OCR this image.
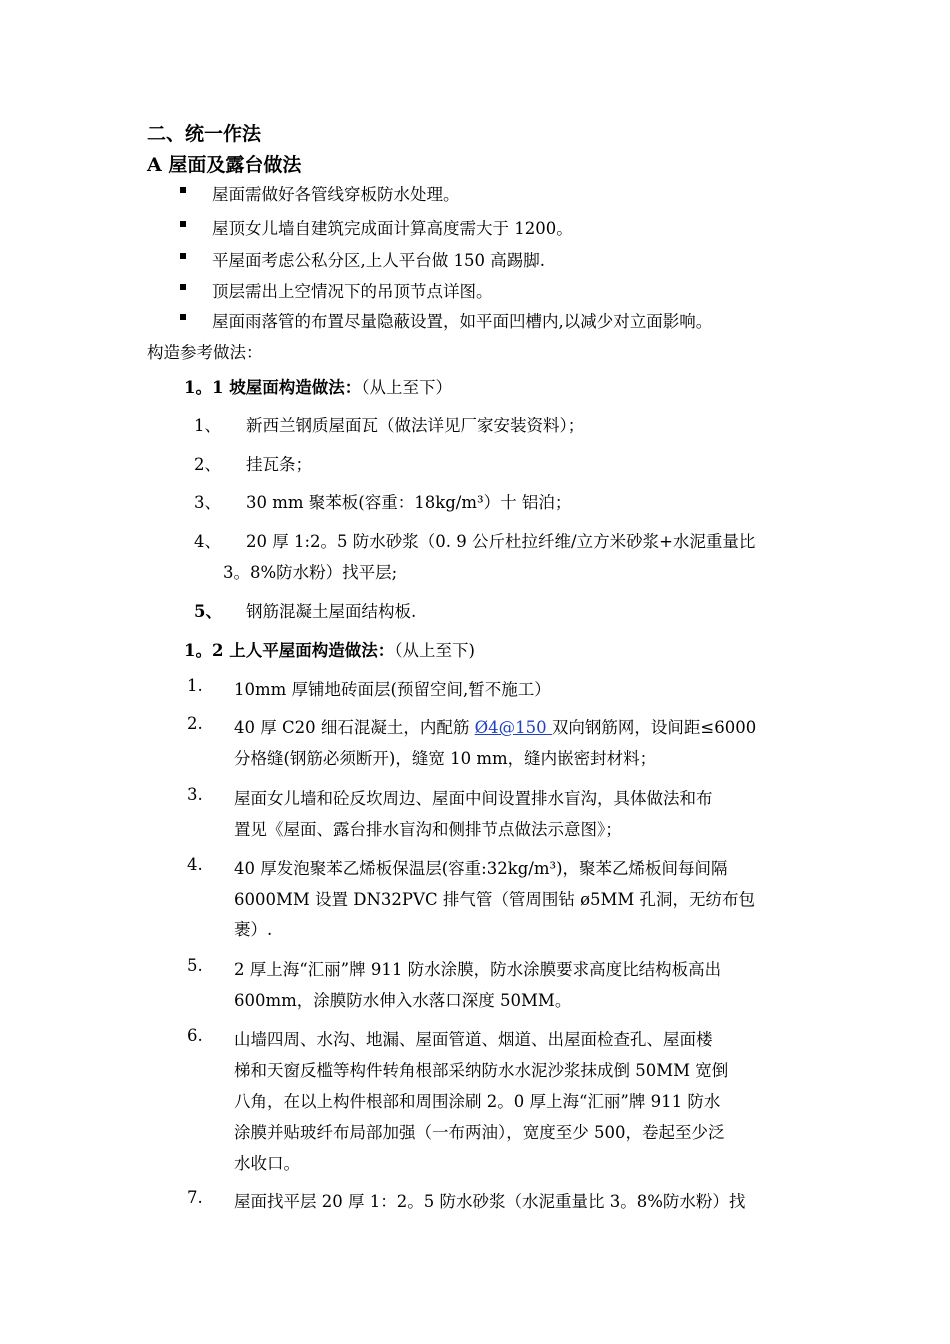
二、统一作法
A 屋面及露台做法
屋面需做好各管线穿板防水处理。
屋顶女儿墙自建筑完成面计算高度需大于 1200。
平屋面考虑公私分区,上人平台做 150 高踢脚.
顶层需出上空情况下的吊顶节点详图。
屋面雨落管的布置尽量隐蔽设置，如平面凹槽内,以减少对立面影响。
构造参考做法：
1。1 坡屋面构造做法：（从上至下）
1、 新西兰钢质屋面瓦（做法详见厂家安装资料）；
2、 挂瓦条；
3、 30 mm 聚苯板(容重：18kg/m³）十 铝泊；
4、 20 厚 1:2。5 防水砂浆（0. 9 公斤杜拉纤维/立方米砂浆+水泥重量比
3。8%防水粉）找平层;
5、 钢筋混凝土屋面结构板.
1。2 上人平屋面构造做法：（从上至下)
1. 10mm 厚铺地砖面层(预留空间,暂不施工）
2. 40 厚 C20 细石混凝土，内配筋 Ø4@150 双向钢筋网，设间距≤6000
分格缝(钢筋必须断开)，缝宽 10 mm，缝内嵌密封材料；
3. 屋面女儿墙和砼反坎周边、屋面中间设置排水盲沟，具体做法和布
置见《屋面、露台排水盲沟和侧排节点做法示意图》；
4. 40 厚发泡聚苯乙烯板保温层(容重:32kg/m³)，聚苯乙烯板间每间隔
6000MM 设置 DN32PVC 排气管（管周围钻 ø5MM 孔洞，无纺布包
裹）.
5. 2 厚上海“汇丽”牌 911 防水涂膜，防水涂膜要求高度比结构板高出
600mm，涂膜防水伸入水落口深度 50MM。
6. 山墙四周、水沟、地漏、屋面管道、烟道、出屋面检查孔、屋面楼
梯和天窗反槛等构件转角根部采纳防水水泥沙浆抹成倒 50MM 宽倒
八角，在以上构件根部和周围涂刷 2。0 厚上海“汇丽”牌 911 防水
涂膜并贴玻纤布局部加强（一布两油），宽度至少 500，卷起至少泛
水收口。
7. 屋面找平层 20 厚 1：2。5 防水砂浆（水泥重量比 3。8%防水粉）找
